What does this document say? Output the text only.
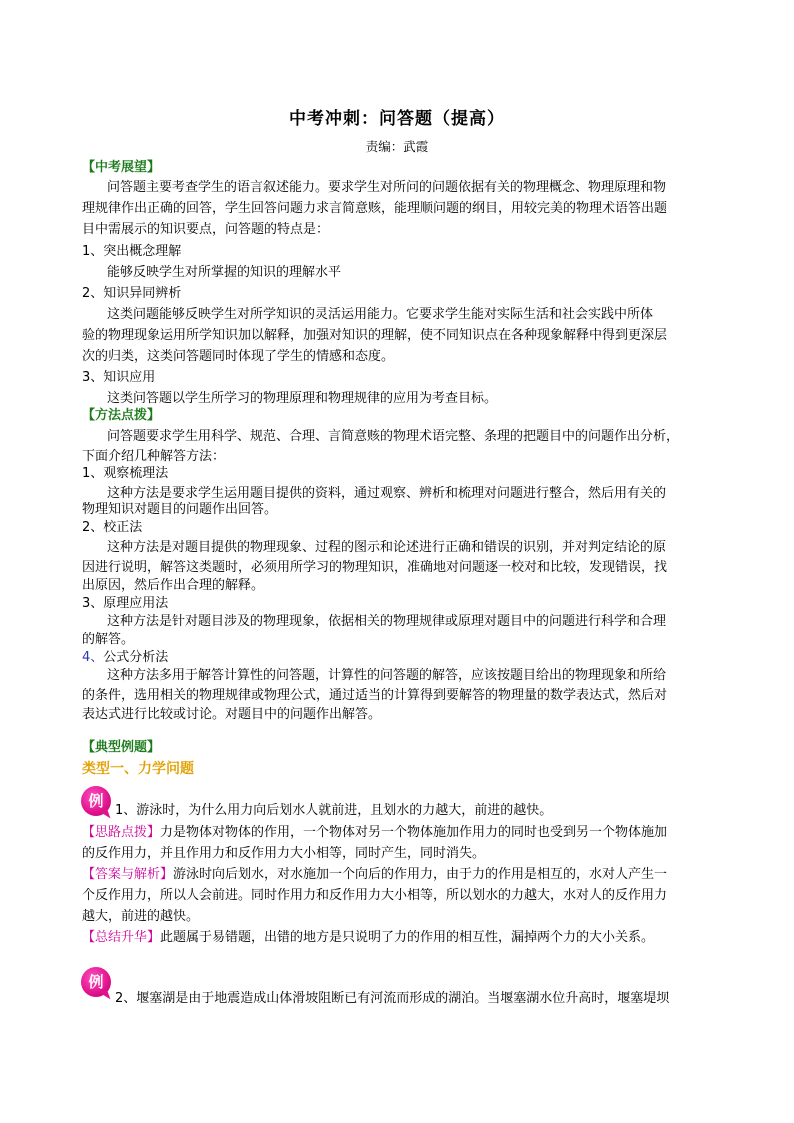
中考冲刺：问答题（提高）
责编：武霞
【中考展望】
问答题主要考查学生的语言叙述能力。要求学生对所问的问题依据有关的物理概念、物理原理和物
理规律作出正确的回答，学生回答问题力求言简意赅，能理顺问题的纲目，用较完美的物理术语答出题
目中需展示的知识要点，问答题的特点是：
1、突出概念理解
能够反映学生对所掌握的知识的理解水平
2、知识异同辨析
这类问题能够反映学生对所学知识的灵活运用能力。它要求学生能对实际生活和社会实践中所体
验的物理现象运用所学知识加以解释，加强对知识的理解，使不同知识点在各种现象解释中得到更深层
次的归类，这类问答题同时体现了学生的情感和态度。
3、知识应用
这类问答题以学生所学习的物理原理和物理规律的应用为考查目标。
【方法点拨】
问答题要求学生用科学、规范、合理、言简意赅的物理术语完整、条理的把题目中的问题作出分析，
下面介绍几种解答方法：
1、观察梳理法
这种方法是要求学生运用题目提供的资料，通过观察、辨析和梳理对问题进行整合，然后用有关的
物理知识对题目的问题作出回答。
2、校正法
这种方法是对题目提供的物理现象、过程的图示和论述进行正确和错误的识别，并对判定结论的原
因进行说明，解答这类题时，必须用所学习的物理知识，准确地对问题逐一校对和比较，发现错误，找
出原因，然后作出合理的解释。
3、原理应用法
这种方法是针对题目涉及的物理现象，依据相关的物理规律或原理对题目中的问题进行科学和合理
的解答。
4、公式分析法
这种方法多用于解答计算性的问答题，计算性的问答题的解答，应该按题目给出的物理现象和所给
的条件，选用相关的物理规律或物理公式，通过适当的计算得到要解答的物理量的数学表达式，然后对
表达式进行比较或讨论。对题目中的问题作出解答。
【典型例题】
类型一、力学问题
例
1、游泳时，为什么用力向后划水人就前进，且划水的力越大，前进的越快。
【思路点拨】力是物体对物体的作用，一个物体对另一个物体施加作用力的同时也受到另一个物体施加
的反作用力，并且作用力和反作用力大小相等，同时产生，同时消失。
【答案与解析】游泳时向后划水，对水施加一个向后的作用力，由于力的作用是相互的，水对人产生一
个反作用力，所以人会前进。同时作用力和反作用力大小相等，所以划水的力越大，水对人的反作用力
越大，前进的越快。
【总结升华】此题属于易错题，出错的地方是只说明了力的作用的相互性，漏掉两个力的大小关系。
例
2、堰塞湖是由于地震造成山体滑坡阻断已有河流而形成的湖泊。当堰塞湖水位升高时，堰塞堤坝
